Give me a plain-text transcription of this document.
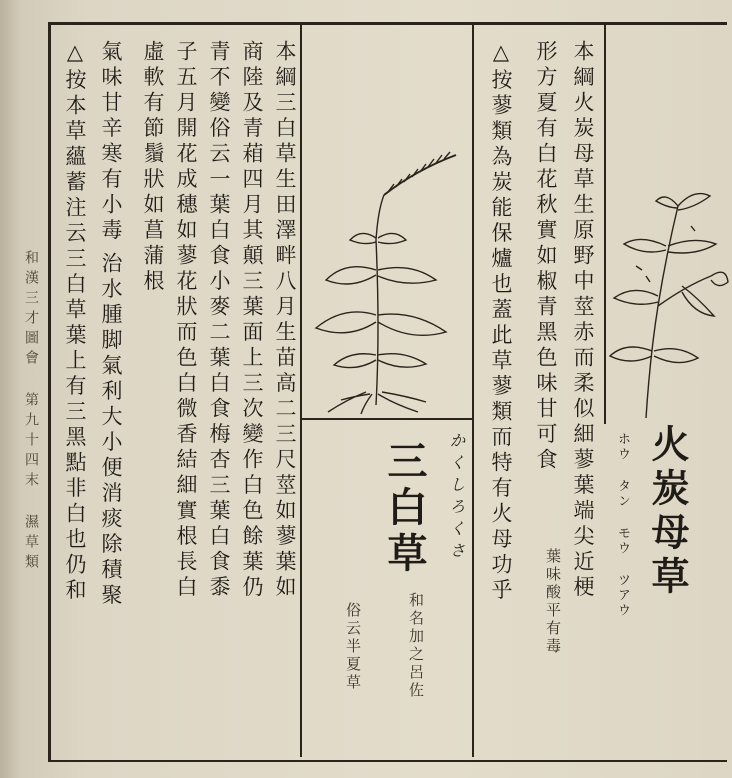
和漢三才圖會 第九十四末 濕草類	本綱三白草生田澤畔八月生苗高二三尺莖如蓼葉如
商陸及青葙四月其顛三葉面上三次變作白色餘葉仍
青不變俗云一葉白食小麥二葉白食梅杏三葉白食黍
子五月開花成穗如蓼花狀而色白微香結細實根長白
虛軟有節鬚狀如菖蒲根
氣味甘辛寒有小毒
治水腫脚氣利大小便消痰除積聚
△按本草蘊蓄注云三白草葉上有三黑點非白也仍和	かくしろくさ
三白草
和名加之呂佐
俗云半夏草
本綱火炭母草生原野中莖赤而柔似細蓼葉端尖近梗
形方夏有白花秋實如椒青黑色味甘可食
葉味酸平有毒
△按蓼類為炭能保爐也蓋此草蓼類而特有火母功乎	火炭母草
ホウ タン モウ ツアウ
